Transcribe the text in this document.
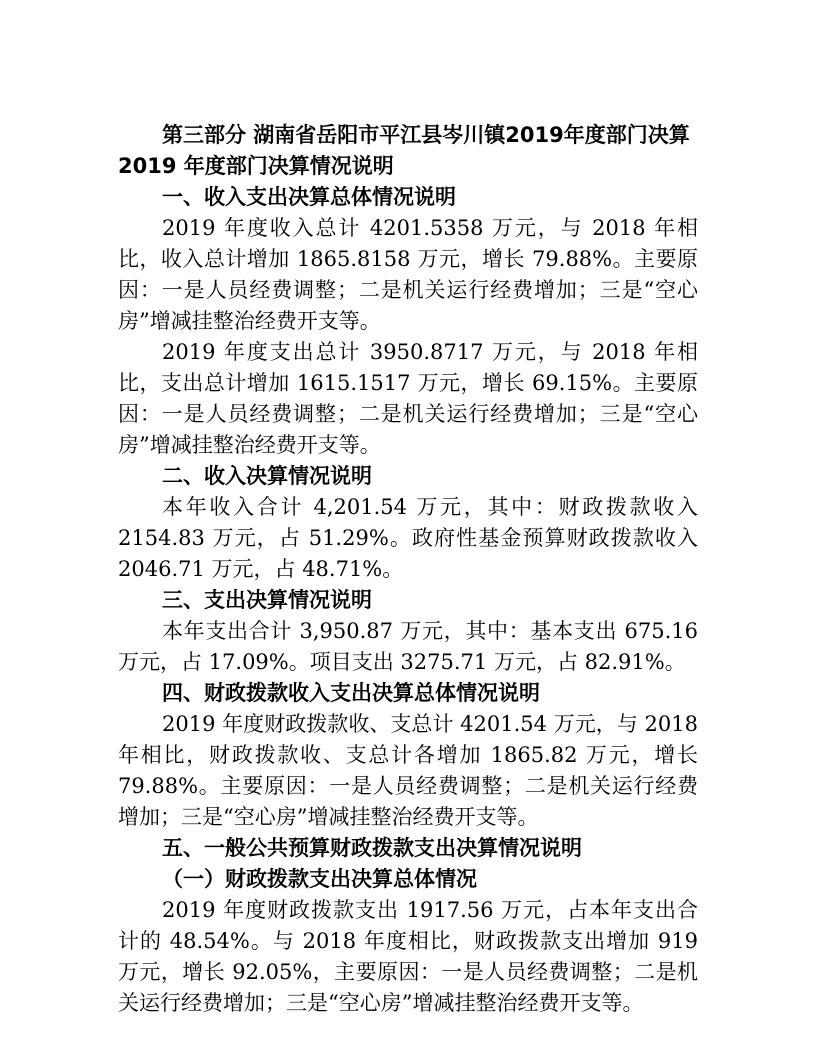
第三部分 湖南省岳阳市平江县岑川镇2019年度部门决算
2019 年度部门决算情况说明
一、收入支出决算总体情况说明

2019 年度收入总计 4201.5358 万元，与 2018 年相比，收入总计增加 1865.8158 万元，增长 79.88%。主要原因：一是人员经费调整；二是机关运行经费增加；三是“空心房”增减挂整治经费开支等。

2019 年度支出总计 3950.8717 万元，与 2018 年相比，支出总计增加 1615.1517 万元，增长 69.15%。主要原因：一是人员经费调整；二是机关运行经费增加；三是“空心房”增减挂整治经费开支等。

二、收入决算情况说明

本年收入合计 4,201.54 万元，其中：财政拨款收入 2154.83 万元，占 51.29%。政府性基金预算财政拨款收入 2046.71 万元，占 48.71%。

三、支出决算情况说明

本年支出合计 3,950.87 万元，其中：基本支出 675.16 万元，占 17.09%。项目支出 3275.71 万元，占 82.91%。

四、财政拨款收入支出决算总体情况说明

2019 年度财政拨款收、支总计 4201.54 万元，与 2018 年相比，财政拨款收、支总计各增加 1865.82 万元，增长 79.88%。主要原因：一是人员经费调整；二是机关运行经费增加；三是“空心房”增减挂整治经费开支等。

五、一般公共预算财政拨款支出决算情况说明
（一）财政拨款支出决算总体情况

2019 年度财政拨款支出 1917.56 万元，占本年支出合计的 48.54%。与 2018 年度相比，财政拨款支出增加 919 万元，增长 92.05%，主要原因：一是人员经费调整；二是机关运行经费增加；三是“空心房”增减挂整治经费开支等。
